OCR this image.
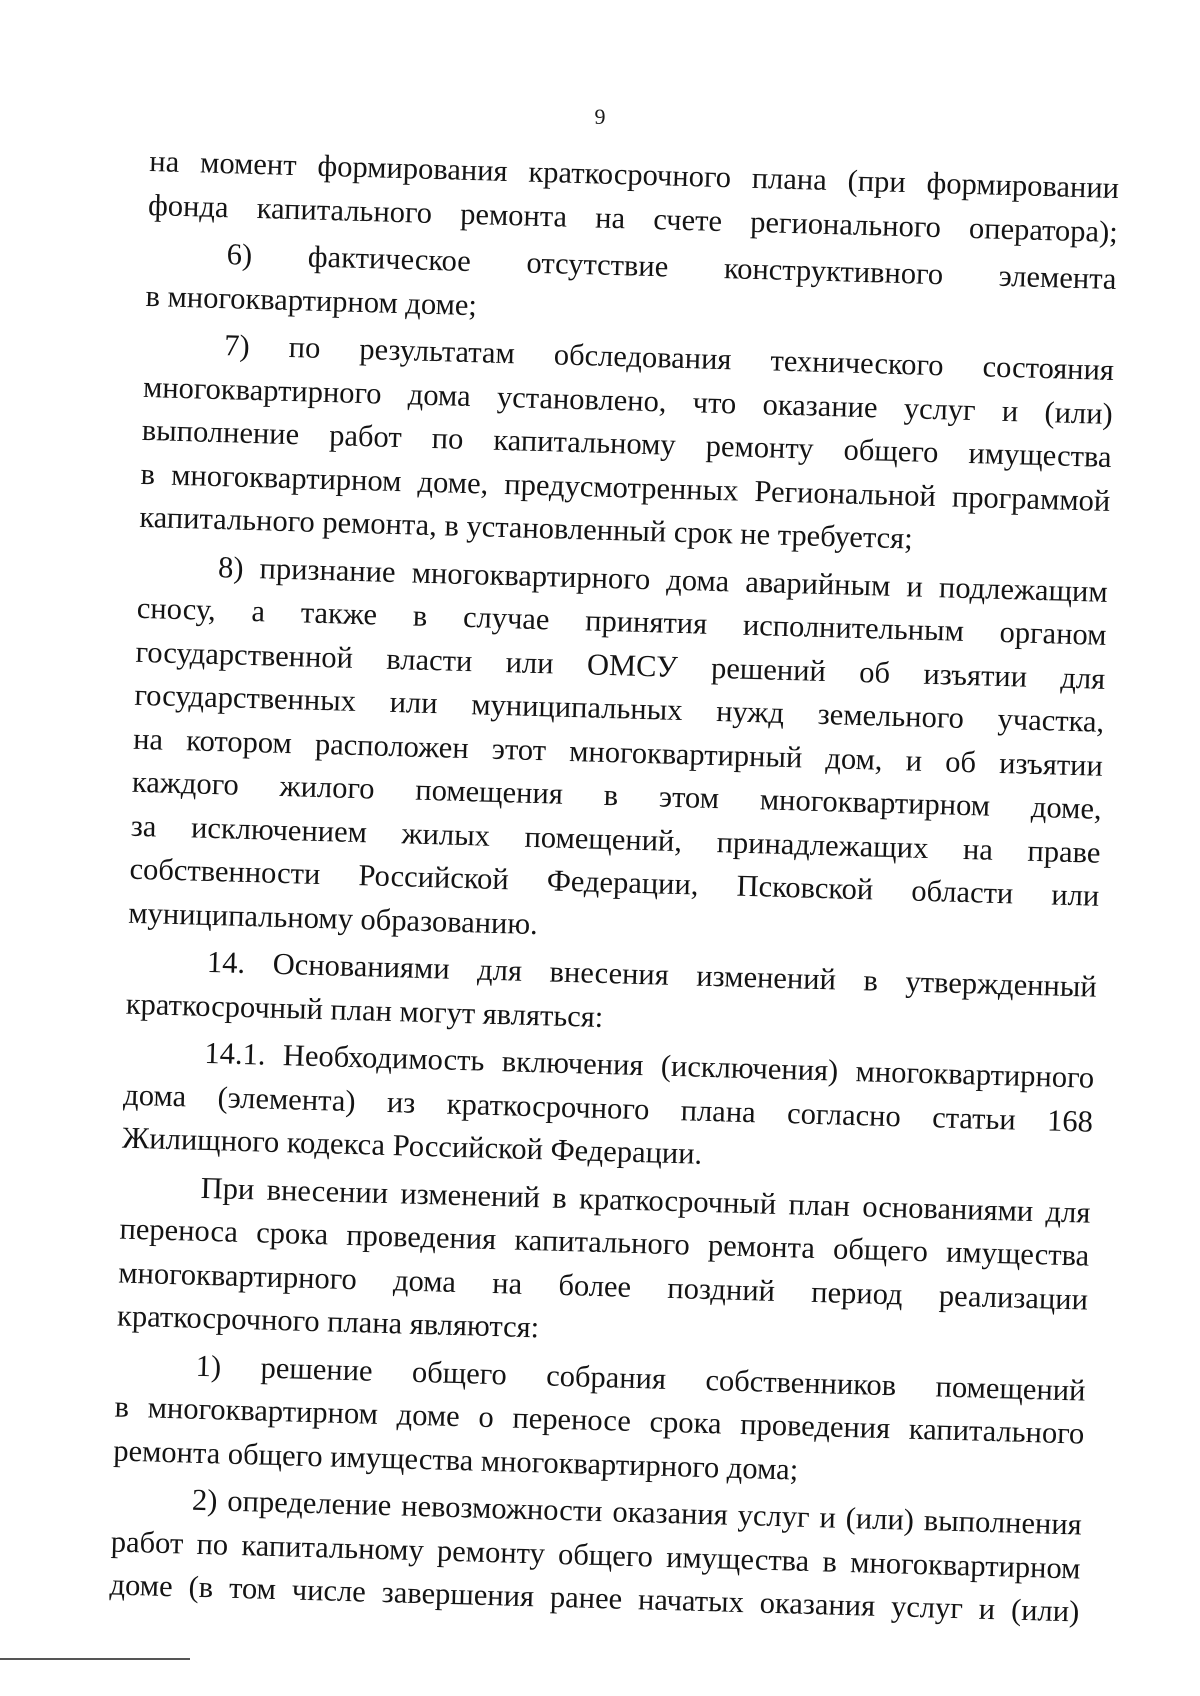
9
на момент формирования краткосрочного плана (при формировании
фонда капитального ремонта на счете регионального оператора);
6) фактическое отсутствие конструктивного элемента
в многоквартирном доме;
7) по результатам обследования технического состояния
многоквартирного дома установлено, что оказание услуг и (или)
выполнение работ по капитальному ремонту общего имущества
в многоквартирном доме, предусмотренных Региональной программой
капитального ремонта, в установленный срок не требуется;
8) признание многоквартирного дома аварийным и подлежащим
сносу, а также в случае принятия исполнительным органом
государственной власти или ОМСУ решений об изъятии для
государственных или муниципальных нужд земельного участка,
на котором расположен этот многоквартирный дом, и об изъятии
каждого жилого помещения в этом многоквартирном доме,
за исключением жилых помещений, принадлежащих на праве
собственности Российской Федерации, Псковской области или
муниципальному образованию.
14. Основаниями для внесения изменений в утвержденный
краткосрочный план могут являться:
14.1. Необходимость включения (исключения) многоквартирного
дома (элемента) из краткосрочного плана согласно статьи 168
Жилищного кодекса Российской Федерации.
При внесении изменений в краткосрочный план основаниями для
переноса срока проведения капитального ремонта общего имущества
многоквартирного дома на более поздний период реализации
краткосрочного плана являются:
1) решение общего собрания собственников помещений
в многоквартирном доме о переносе срока проведения капитального
ремонта общего имущества многоквартирного дома;
2) определение невозможности оказания услуг и (или) выполнения
работ по капитальному ремонту общего имущества в многоквартирном
доме (в том числе завершения ранее начатых оказания услуг и (или)
